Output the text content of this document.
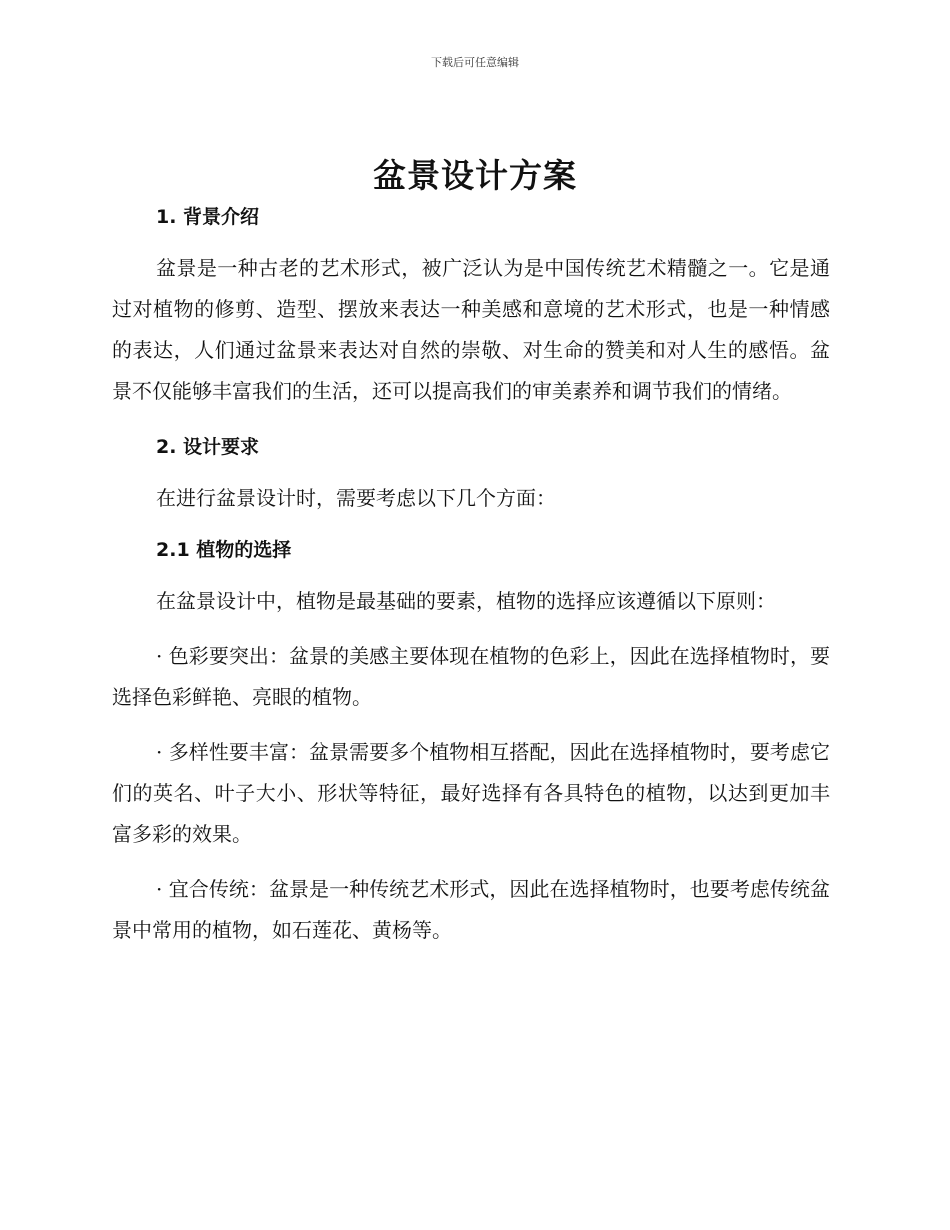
下载后可任意编辑
盆景设计方案

1. 背景介绍

盆景是一种古老的艺术形式，被广泛认为是中国传统艺术精髓之一。它是通过对植物的修剪、造型、摆放来表达一种美感和意境的艺术形式，也是一种情感的表达，人们通过盆景来表达对自然的崇敬、对生命的赞美和对人生的感悟。盆景不仅能够丰富我们的生活，还可以提高我们的审美素养和调节我们的情绪。

2. 设计要求

在进行盆景设计时，需要考虑以下几个方面：

2.1 植物的选择

在盆景设计中，植物是最基础的要素，植物的选择应该遵循以下原则：

· 色彩要突出：盆景的美感主要体现在植物的色彩上，因此在选择植物时，要选择色彩鲜艳、亮眼的植物。

· 多样性要丰富：盆景需要多个植物相互搭配，因此在选择植物时，要考虑它们的英名、叶子大小、形状等特征，最好选择有各具特色的植物，以达到更加丰富多彩的效果。

· 宜合传统：盆景是一种传统艺术形式，因此在选择植物时，也要考虑传统盆景中常用的植物，如石莲花、黄杨等。
